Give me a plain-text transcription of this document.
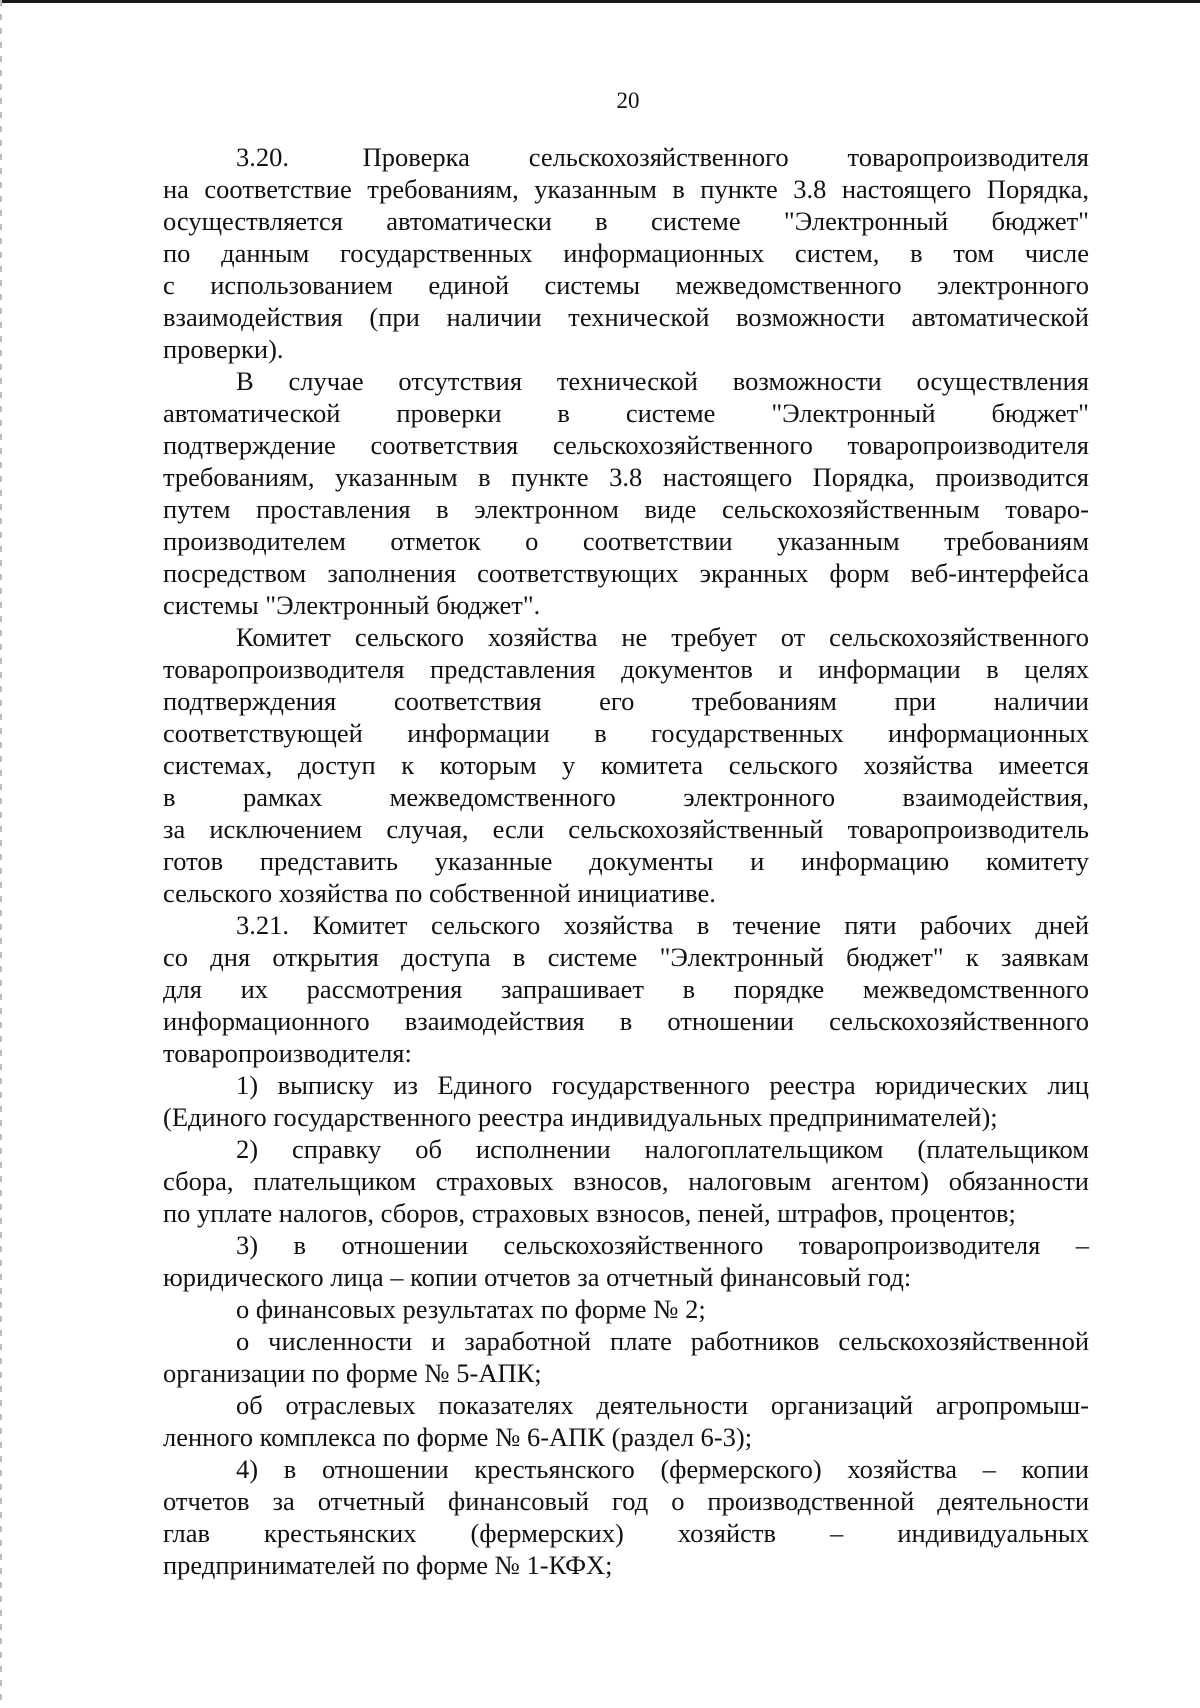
20
3.20.     Проверка    сельскохозяйственного    товаропроизводителя
на соответствие требованиям, указанным в пункте 3.8 настоящего Порядка,
осуществляется автоматически в системе "Электронный бюджет"
по данным государственных информационных систем, в том числе
с использованием единой системы межведомственного электронного
взаимодействия (при наличии технической возможности автоматической
проверки).
В случае отсутствия технической возможности осуществления
автоматической проверки в системе "Электронный бюджет"
подтверждение соответствия сельскохозяйственного товаропроизводителя
требованиям, указанным в пункте 3.8 настоящего Порядка, производится
путем проставления в электронном виде сельскохозяйственным товаро-
производителем отметок о соответствии указанным требованиям
посредством заполнения соответствующих экранных форм веб-интерфейса
системы "Электронный бюджет".
Комитет сельского хозяйства не требует от сельскохозяйственного
товаропроизводителя представления документов и информации в целях
подтверждения соответствия его требованиям при наличии
соответствующей информации в государственных информационных
системах, доступ к которым у комитета сельского хозяйства имеется
в рамках межведомственного электронного взаимодействия,
за исключением случая, если сельскохозяйственный товаропроизводитель
готов представить указанные документы и информацию комитету
сельского хозяйства по собственной инициативе.
3.21. Комитет сельского хозяйства в течение пяти рабочих дней
со дня открытия доступа в системе "Электронный бюджет" к заявкам
для их рассмотрения запрашивает в порядке межведомственного
информационного взаимодействия в отношении сельскохозяйственного
товаропроизводителя:
1) выписку из Единого государственного реестра юридических лиц
(Единого государственного реестра индивидуальных предпринимателей);
2) справку об исполнении налогоплательщиком (плательщиком
сбора, плательщиком страховых взносов, налоговым агентом) обязанности
по уплате налогов, сборов, страховых взносов, пеней, штрафов, процентов;
3) в отношении сельскохозяйственного товаропроизводителя –
юридического лица – копии отчетов за отчетный финансовый год:
о финансовых результатах по форме № 2;
о численности и заработной плате работников сельскохозяйственной
организации по форме № 5-АПК;
об отраслевых показателях деятельности организаций агропромыш-
ленного комплекса по форме № 6-АПК (раздел 6-3);
4) в отношении крестьянского (фермерского) хозяйства – копии
отчетов за отчетный финансовый год о производственной деятельности
глав крестьянских (фермерских) хозяйств – индивидуальных
предпринимателей по форме № 1-КФХ;
